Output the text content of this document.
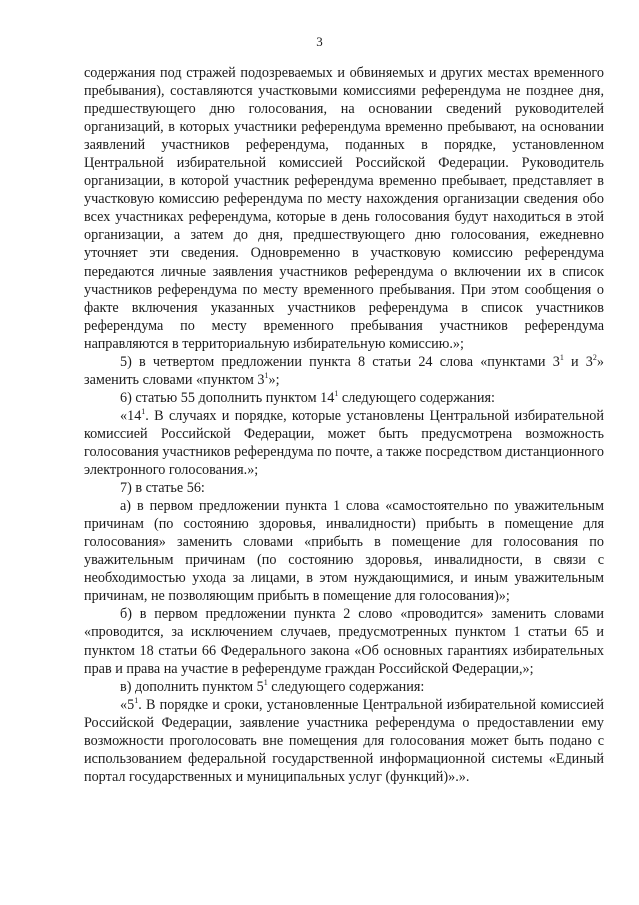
3

содержания под стражей подозреваемых и обвиняемых и других местах временного пребывания), составляются участковыми комиссиями референдума не позднее дня, предшествующего дню голосования, на основании сведений руководителей организаций, в которых участники референдума временно пребывают, на основании заявлений участников референдума, поданных в порядке, установленном Центральной избирательной комиссией Российской Федерации. Руководитель организации, в которой участник референдума временно пребывает, представляет в участковую комиссию референдума по месту нахождения организации сведения обо всех участниках референдума, которые в день голосования будут находиться в этой организации, а затем до дня, предшествующего дню голосования, ежедневно уточняет эти сведения. Одновременно в участковую комиссию референдума передаются личные заявления участников референдума о включении их в список участников референдума по месту временного пребывания. При этом сообщения о факте включения указанных участников референдума в список участников референдума по месту временного пребывания участников референдума направляются в территориальную избирательную комиссию.»;

5) в четвертом предложении пункта 8 статьи 24 слова «пунктами $3^1$ и $3^2$» заменить словами «пунктом $3^1$»;

6) статью 55 дополнить пунктом $14^1$ следующего содержания:

«$14^1$. В случаях и порядке, которые установлены Центральной избирательной комиссией Российской Федерации, может быть предусмотрена возможность голосования участников референдума по почте, а также посредством дистанционного электронного голосования.»;

7) в статье 56:

а) в первом предложении пункта 1 слова «самостоятельно по уважительным причинам (по состоянию здоровья, инвалидности) прибыть в помещение для голосования» заменить словами «прибыть в помещение для голосования по уважительным причинам (по состоянию здоровья, инвалидности, в связи с необходимостью ухода за лицами, в этом нуждающимися, и иным уважительным причинам, не позволяющим прибыть в помещение для голосования)»;

б) в первом предложении пункта 2 слово «проводится» заменить словами «проводится, за исключением случаев, предусмотренных пунктом 1 статьи 65 и пунктом 18 статьи 66 Федерального закона «Об основных гарантиях избирательных прав и права на участие в референдуме граждан Российской Федерации,»;

в) дополнить пунктом $5^1$ следующего содержания:

«$5^1$. В порядке и сроки, установленные Центральной избирательной комиссией Российской Федерации, заявление участника референдума о предоставлении ему возможности проголосовать вне помещения для голосования может быть подано с использованием федеральной государственной информационной системы «Единый портал государственных и муниципальных услуг (функций)».».
